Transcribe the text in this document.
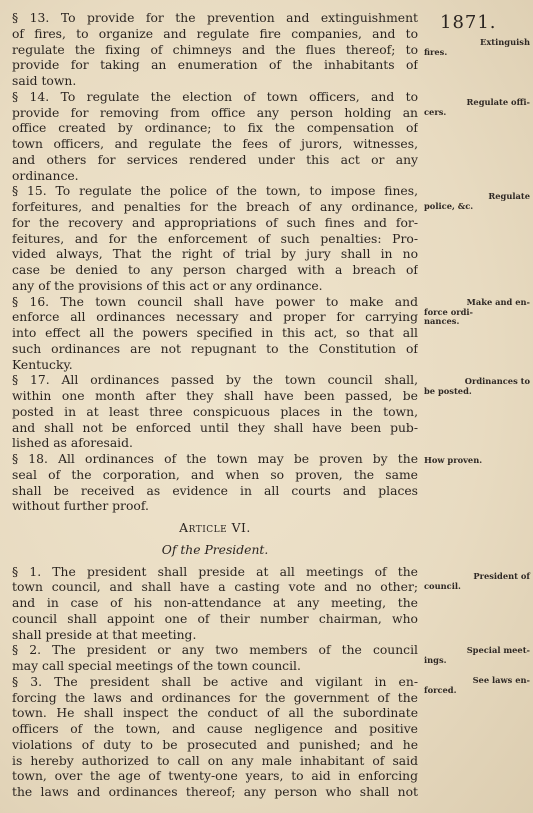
1871.
§ 13. To provide for the prevention and extinguishment
of fires, to organize and regulate fire companies, and to
regulate the fixing of chimneys and the flues thereof; to
provide for taking an enumeration of the inhabitants of
said town.
§ 14. To regulate the election of town officers, and to
provide for removing from office any person holding an
office created by ordinance; to fix the compensation of
town officers, and regulate the fees of jurors, witnesses,
and others for services rendered under this act or any
ordinance.
§ 15. To regulate the police of the town, to impose fines,
forfeitures, and penalties for the breach of any ordinance,
for the recovery and appropriations of such fines and for-
feitures, and for the enforcement of such penalties: Pro-
vided always, That the right of trial by jury shall in no
case be denied to any person charged with a breach of
any of the provisions of this act or any ordinance.
§ 16. The town council shall have power to make and
enforce all ordinances necessary and proper for carrying
into effect all the powers specified in this act, so that all
such ordinances are not repugnant to the Constitution of
Kentucky.
§ 17. All ordinances passed by the town council shall,
within one month after they shall have been passed, be
posted in at least three conspicuous places in the town,
and shall not be enforced until they shall have been pub-
lished as aforesaid.
§ 18. All ordinances of the town may be proven by the
seal of the corporation, and when so proven, the same
shall be received as evidence in all courts and places
without further proof.
Article VI.
Of the President.
§ 1. The president shall preside at all meetings of the
town council, and shall have a casting vote and no other;
and in case of his non-attendance at any meeting, the
council shall appoint one of their number chairman, who
shall preside at that meeting.
§ 2. The president or any two members of the council
may call special meetings of the town council.
§ 3. The president shall be active and vigilant in en-
forcing the laws and ordinances for the government of the
town. He shall inspect the conduct of all the subordinate
officers of the town, and cause negligence and positive
violations of duty to be prosecuted and punished; and he
is hereby authorized to call on any male inhabitant of said
town, over the age of twenty-one years, to aid in enforcing
the laws and ordinances thereof; any person who shall not
Extinguish
fires.
Regulate offi-
cers.
Regulate
police, &c.
Make and en-
force ordi-
nances.
Ordinances to
be posted.
How proven.
President of
council.
Special meet-
ings.
See laws en-
forced.
